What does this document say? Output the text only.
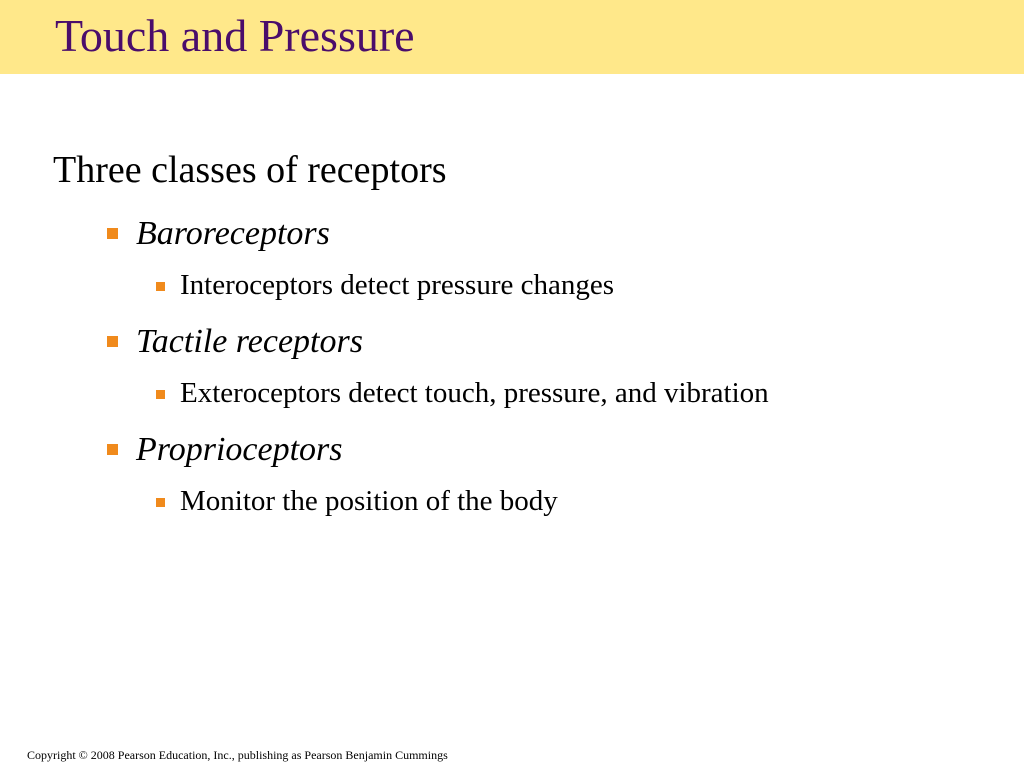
Touch and Pressure
Three classes of receptors
Baroreceptors
Interoceptors detect pressure changes
Tactile receptors
Exteroceptors detect touch, pressure, and vibration
Proprioceptors
Monitor the position of the body
Copyright © 2008 Pearson Education, Inc., publishing as Pearson Benjamin Cummings
